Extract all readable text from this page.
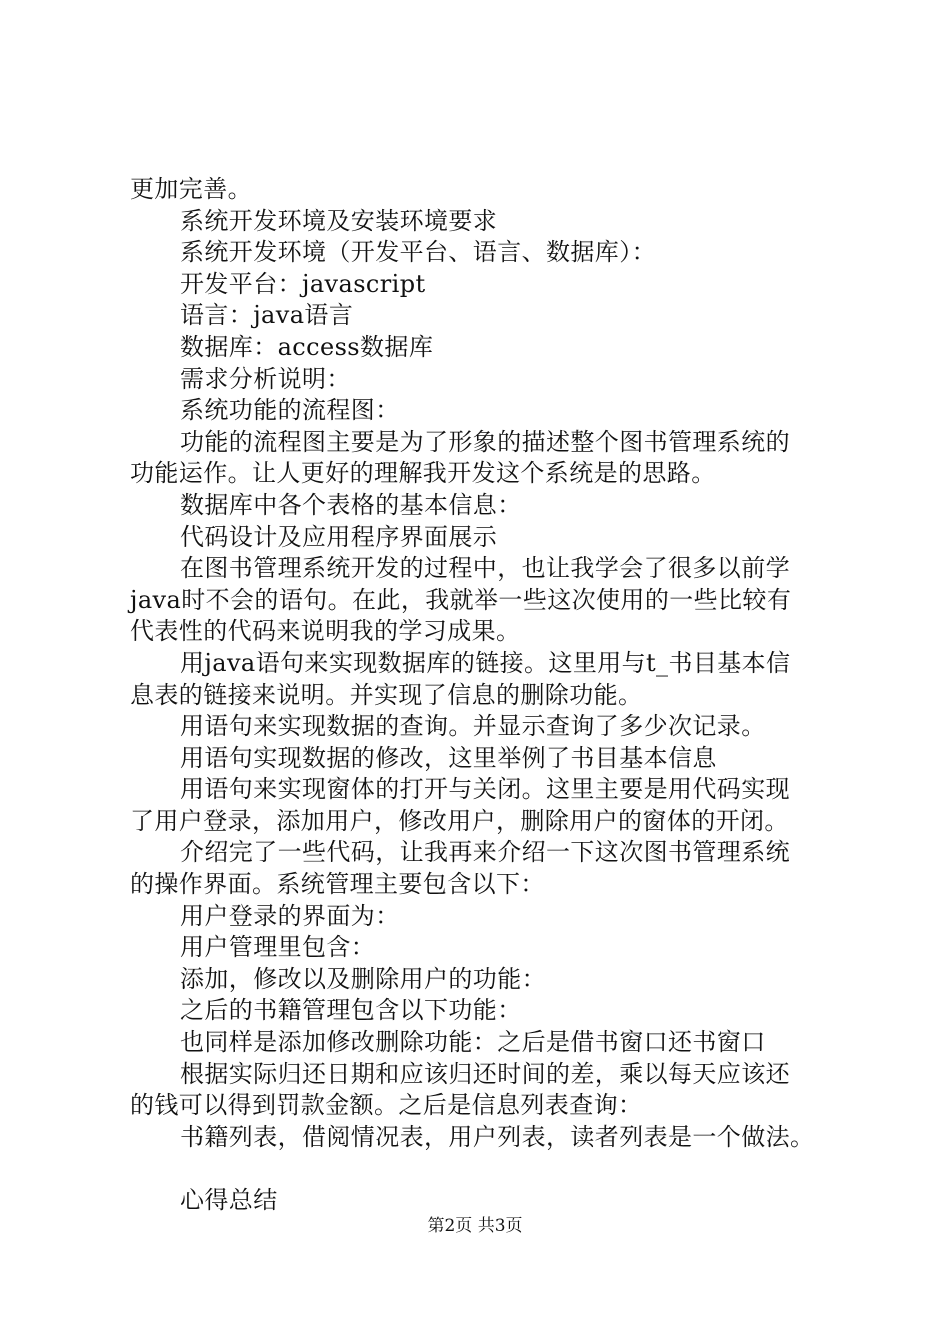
更加完善。

系统开发环境及安装环境要求

系统开发环境（开发平台、语言、数据库）：

开发平台：javascript

语言：java语言

数据库：access数据库

需求分析说明：

系统功能的流程图：

功能的流程图主要是为了形象的描述整个图书管理系统的

功能运作。让人更好的理解我开发这个系统是的思路。

数据库中各个表格的基本信息：

代码设计及应用程序界面展示

在图书管理系统开发的过程中，也让我学会了很多以前学

java时不会的语句。在此，我就举一些这次使用的一些比较有

代表性的代码来说明我的学习成果。

用java语句来实现数据库的链接。这里用与t_书目基本信

息表的链接来说明。并实现了信息的删除功能。

用语句来实现数据的查询。并显示查询了多少次记录。

用语句实现数据的修改，这里举例了书目基本信息

用语句来实现窗体的打开与关闭。这里主要是用代码实现

了用户登录，添加用户，修改用户，删除用户的窗体的开闭。

介绍完了一些代码，让我再来介绍一下这次图书管理系统

的操作界面。系统管理主要包含以下：

用户登录的界面为：

用户管理里包含：

添加，修改以及删除用户的功能：

之后的书籍管理包含以下功能：

也同样是添加修改删除功能：之后是借书窗口还书窗口

根据实际归还日期和应该归还时间的差，乘以每天应该还

的钱可以得到罚款金额。之后是信息列表查询：

书籍列表，借阅情况表，用户列表，读者列表是一个做法。

心得总结

第2页 共3页
